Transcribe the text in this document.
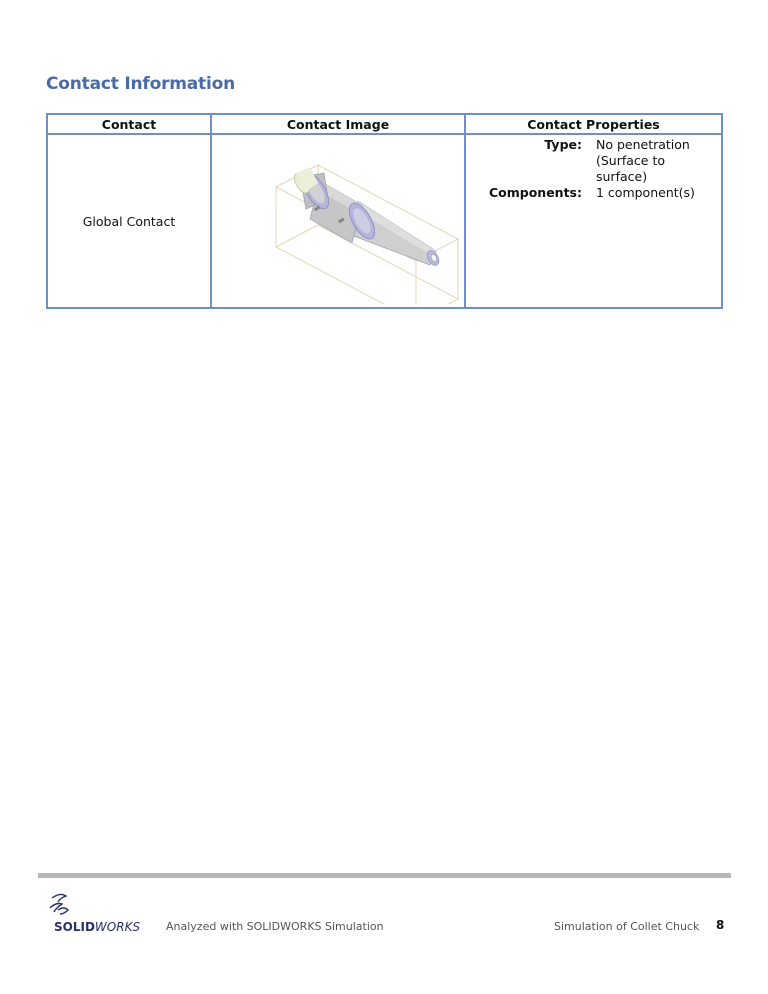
Contact Information
Contact	Contact Image	Contact Properties
Global Contact		Type: No penetration (Surface to surface)
Components: 1 component(s)
SOLIDWORKS Analyzed with SOLIDWORKS Simulation	Simulation of Collet Chuck 8
